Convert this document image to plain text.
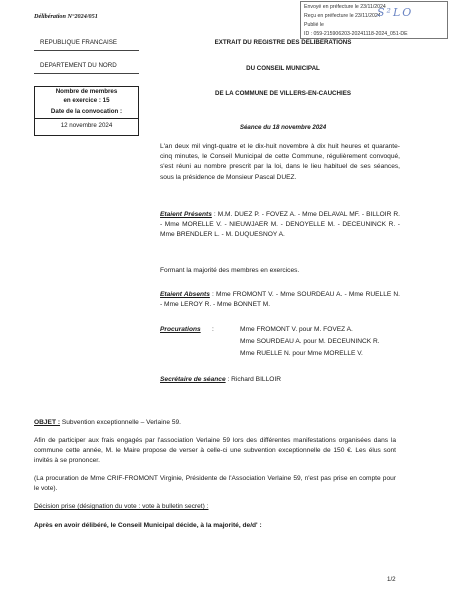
Délibération N°2024/051
Envoyé en préfecture le 23/11/2024
Reçu en préfecture le 23/11/2024
Publié le
ID : 059-215906203-20241118-2024_051-DE
S²LO
REPUBLIQUE FRANCAISE
DEPARTEMENT DU NORD
Nombre de membres
en exercice : 15
Date de la convocation :
12 novembre 2024
EXTRAIT DU REGISTRE DES DELIBERATIONS
DU CONSEIL MUNICIPAL
DE LA COMMUNE DE VILLERS-EN-CAUCHIES
Séance du 18 novembre 2024
L'an deux mil vingt-quatre et le dix-huit novembre à dix huit heures et quarante-cinq minutes, le Conseil Municipal de cette Commune, régulièrement convoqué, s'est réuni au nombre prescrit par la loi, dans le lieu habituel de ses séances, sous la présidence de Monsieur Pascal DUEZ.
Etaient Présents : M.M. DUEZ P. - FOVEZ A. - Mme DELAVAL MF. - BILLOIR R. - Mme MORELLE V. - NIEUWJAER M. - DENOYELLE M. - DECEUNINCK R. - Mme BRENDLER L. - M. DUQUESNOY A.
Formant la majorité des membres en exercices.
Etaient Absents : Mme FROMONT V. - Mme SOURDEAU A. - Mme RUELLE N. - Mme LEROY R. - Mme BONNET M.
Procurations :	Mme FROMONT V. pour M. FOVEZ A.
Mme SOURDEAU A. pour M. DECEUNINCK R.
Mme RUELLE N. pour Mme MORELLE V.
Secrétaire de séance : Richard BILLOIR
OBJET : Subvention exceptionnelle – Verlaine 59.
Afin de participer aux frais engagés par l'association Verlaine 59 lors des différentes manifestations organisées dans la commune cette année, M. le Maire propose de verser à celle-ci une subvention exceptionnelle de 150 €. Les élus sont invités à se prononcer.
(La procuration de Mme CRIF-FROMONT Virginie, Présidente de l'Association Verlaine 59, n'est pas prise en compte pour le vote).
Décision prise (désignation du vote : vote à bulletin secret) :
Après en avoir délibéré, le Conseil Municipal décide, à la majorité, de/d' :
1/2
